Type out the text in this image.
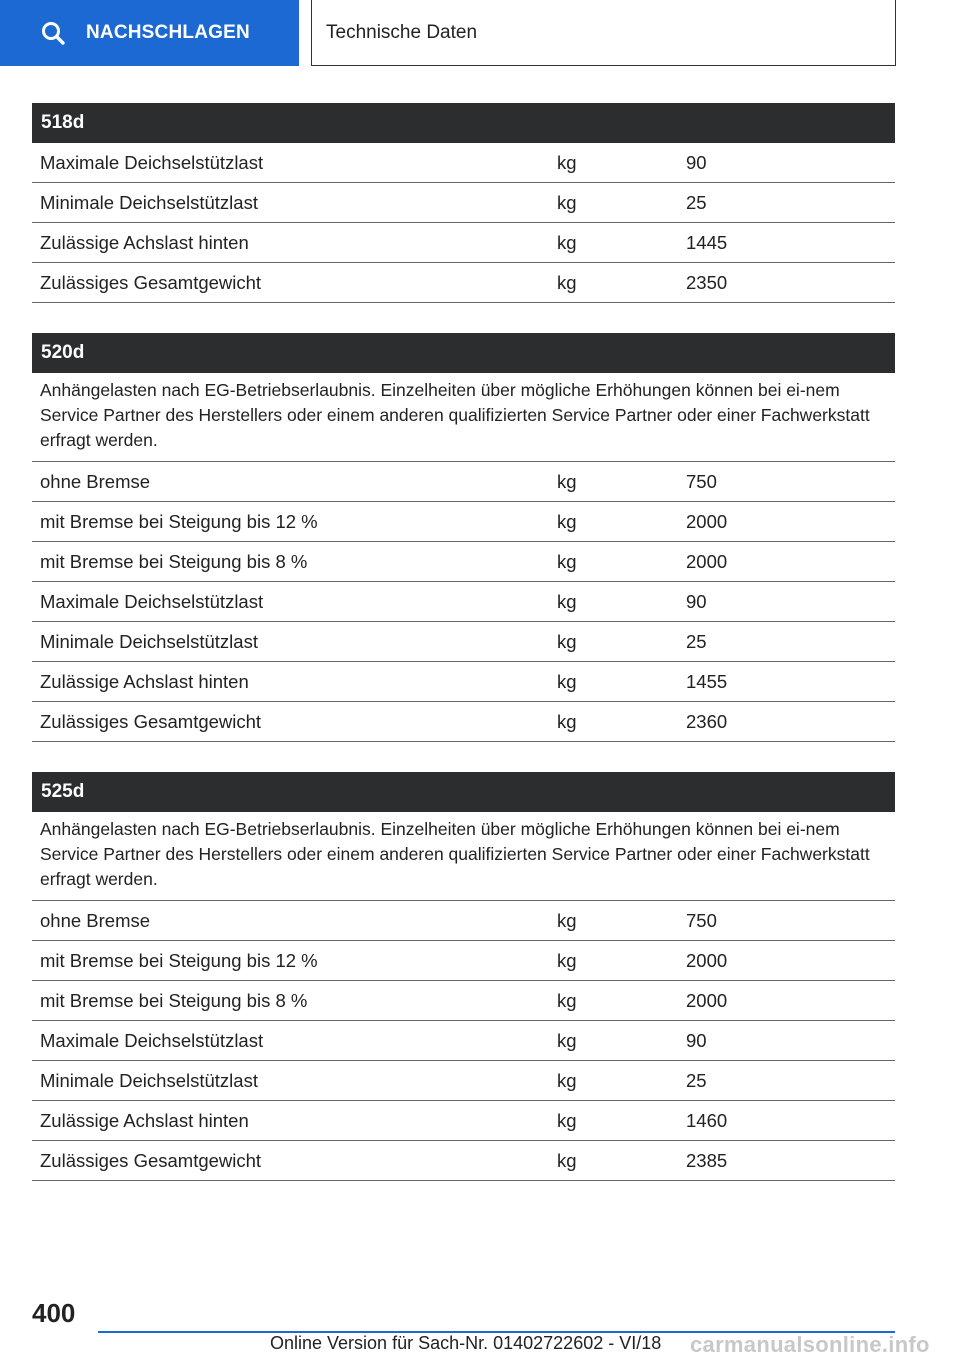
NACHSCHLAGEN	Technische Daten
518d
Maximale Deichselstützlast	kg	90
Minimale Deichselstützlast	kg	25
Zulässige Achslast hinten	kg	1445
Zulässiges Gesamtgewicht	kg	2350
520d
Anhängelasten nach EG-Betriebserlaubnis. Einzelheiten über mögliche Erhöhungen können bei ei-nem Service Partner des Herstellers oder einem anderen qualifizierten Service Partner oder einer Fachwerkstatt erfragt werden.
ohne Bremse	kg	750
mit Bremse bei Steigung bis 12 %	kg	2000
mit Bremse bei Steigung bis 8 %	kg	2000
Maximale Deichselstützlast	kg	90
Minimale Deichselstützlast	kg	25
Zulässige Achslast hinten	kg	1455
Zulässiges Gesamtgewicht	kg	2360
525d
Anhängelasten nach EG-Betriebserlaubnis. Einzelheiten über mögliche Erhöhungen können bei ei-nem Service Partner des Herstellers oder einem anderen qualifizierten Service Partner oder einer Fachwerkstatt erfragt werden.
ohne Bremse	kg	750
mit Bremse bei Steigung bis 12 %	kg	2000
mit Bremse bei Steigung bis 8 %	kg	2000
Maximale Deichselstützlast	kg	90
Minimale Deichselstützlast	kg	25
Zulässige Achslast hinten	kg	1460
Zulässiges Gesamtgewicht	kg	2385
400
Online Version für Sach-Nr. 01402722602 - VI/18 carmanualsonline.info
